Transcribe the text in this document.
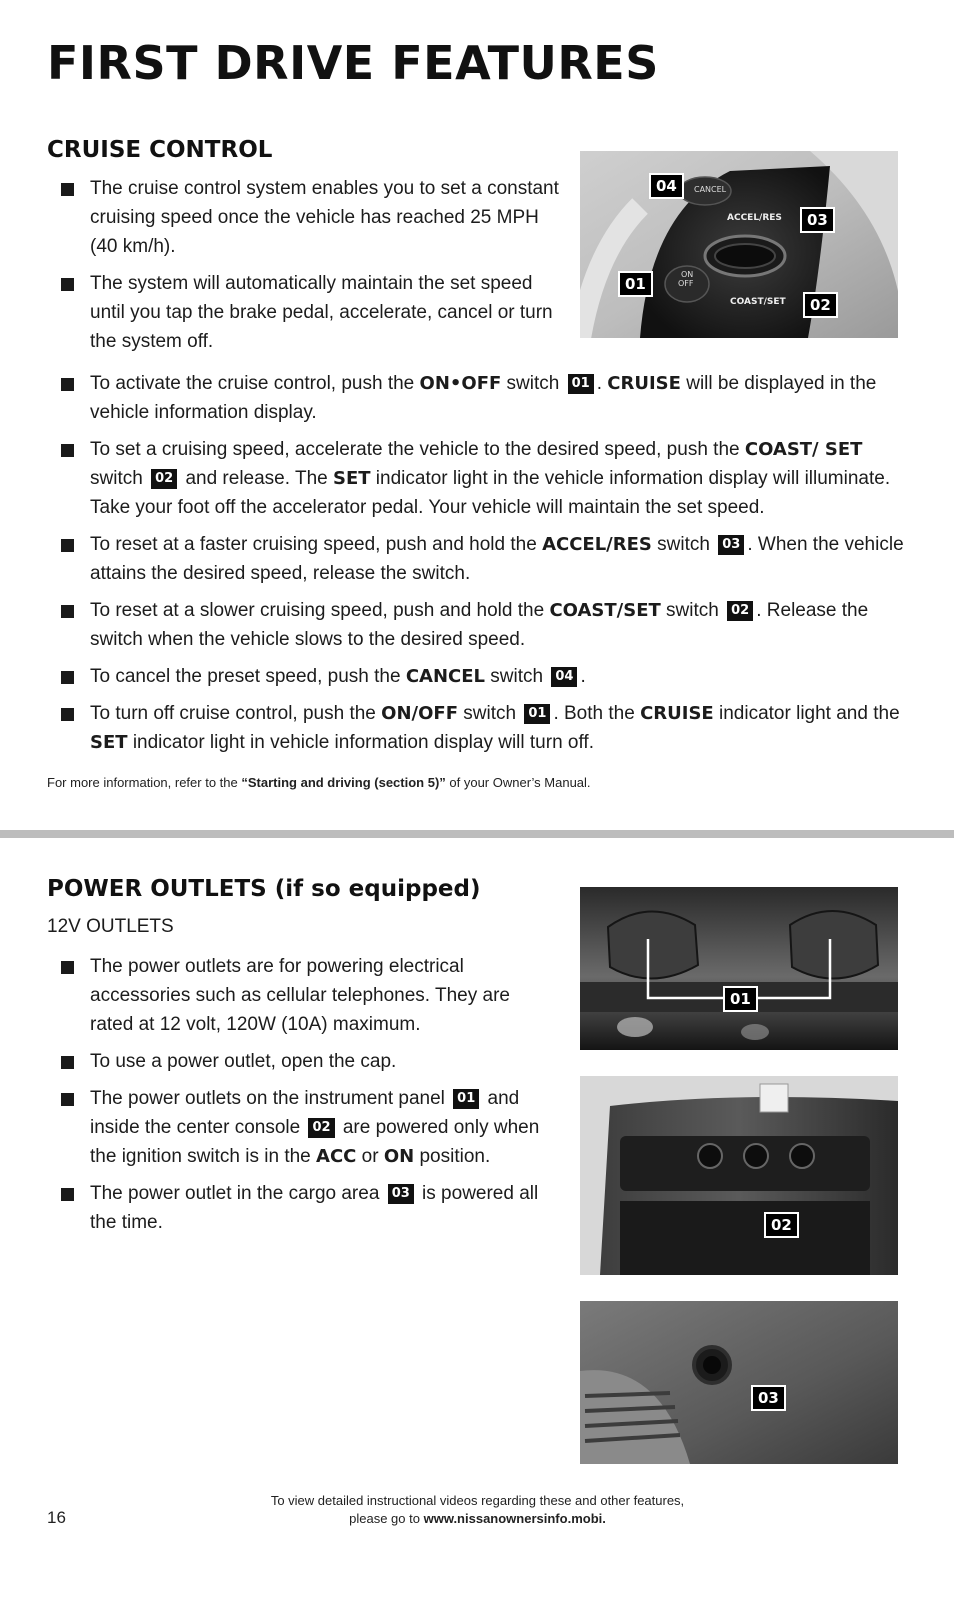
FIRST DRIVE FEATURES
CRUISE CONTROL
The cruise control system enables you to set a constant cruising speed once the vehicle has reached 25 MPH (40 km/h).
The system will automatically maintain the set speed until you tap the brake pedal, accelerate, cancel or turn the system off.
CANCEL
ACCEL/RES
ON
OFF
COAST/SET
04
03
01
02
To activate the cruise control, push the ON•OFF switch 01 . CRUISE will be displayed in the vehicle information display.
To set a cruising speed, accelerate the vehicle to the desired speed, push the COAST/ SET switch 02 and release. The SET indicator light in the vehicle information display will illuminate. Take your foot off the accelerator pedal. Your vehicle will maintain the set speed.
To reset at a faster cruising speed, push and hold the ACCEL/RES switch 03 . When the vehicle attains the desired speed, release the switch.
To reset at a slower cruising speed, push and hold the COAST/SET switch 02 . Release the switch when the vehicle slows to the desired speed.
To cancel the preset speed, push the CANCEL switch 04 .
To turn off cruise control, push the ON/OFF switch 01 . Both the CRUISE indicator light and the SET indicator light in vehicle information display will turn off.
For more information, refer to the “Starting and driving (section 5)” of your Owner’s Manual.
POWER OUTLETS (if so equipped)
12V OUTLETS
The power outlets are for powering electrical accessories such as cellular telephones. They are rated at 12 volt, 120W (10A) maximum.
To use a power outlet, open the cap.
The power outlets on the instrument panel 01 and inside the center console 02 are powered only when the ignition switch is in the ACC or ON position.
The power outlet in the cargo area 03 is powered all the time.
01
02
03
16
To view detailed instructional videos regarding these and other features,
please go to www.nissanownersinfo.mobi.
